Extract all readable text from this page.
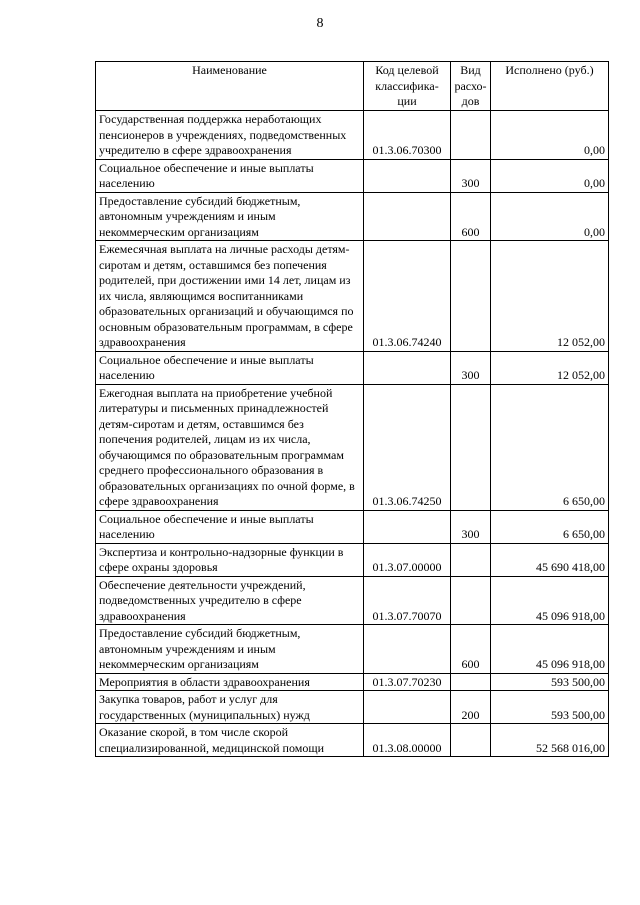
8
Наименование	Код целевой классифика-ции	Вид расхо-дов	Исполнено (руб.)
Государственная поддержка неработающих пенсионеров в учреждениях, подведомственных учредителю в сфере здравоохранения	01.3.06.70300		0,00
Социальное обеспечение и иные выплаты населению		300	0,00
Предоставление субсидий бюджетным, автономным учреждениям и иным некоммерческим организациям		600	0,00
Ежемесячная выплата на личные расходы детям-сиротам и детям, оставшимся без попечения родителей, при достижении ими 14 лет, лицам из их числа, являющимся воспитанниками образовательных организаций и обучающимся по основным образовательным программам, в сфере здравоохранения	01.3.06.74240		12 052,00
Социальное обеспечение и иные выплаты населению		300	12 052,00
Ежегодная выплата на приобретение учебной литературы и письменных принадлежностей детям-сиротам и детям, оставшимся без попечения родителей, лицам из их числа, обучающимся по образовательным программам среднего профессионального образования в образовательных организациях по очной форме, в сфере здравоохранения	01.3.06.74250		6 650,00
Социальное обеспечение и иные выплаты населению		300	6 650,00
Экспертиза и контрольно-надзорные функции в сфере охраны здоровья	01.3.07.00000		45 690 418,00
Обеспечение деятельности учреждений, подведомственных учредителю в сфере здравоохранения	01.3.07.70070		45 096 918,00
Предоставление субсидий бюджетным, автономным учреждениям и иным некоммерческим организациям		600	45 096 918,00
Мероприятия в области здравоохранения	01.3.07.70230		593 500,00
Закупка товаров, работ и услуг для государственных (муниципальных) нужд		200	593 500,00
Оказание скорой, в том числе скорой специализированной, медицинской помощи	01.3.08.00000		52 568 016,00
